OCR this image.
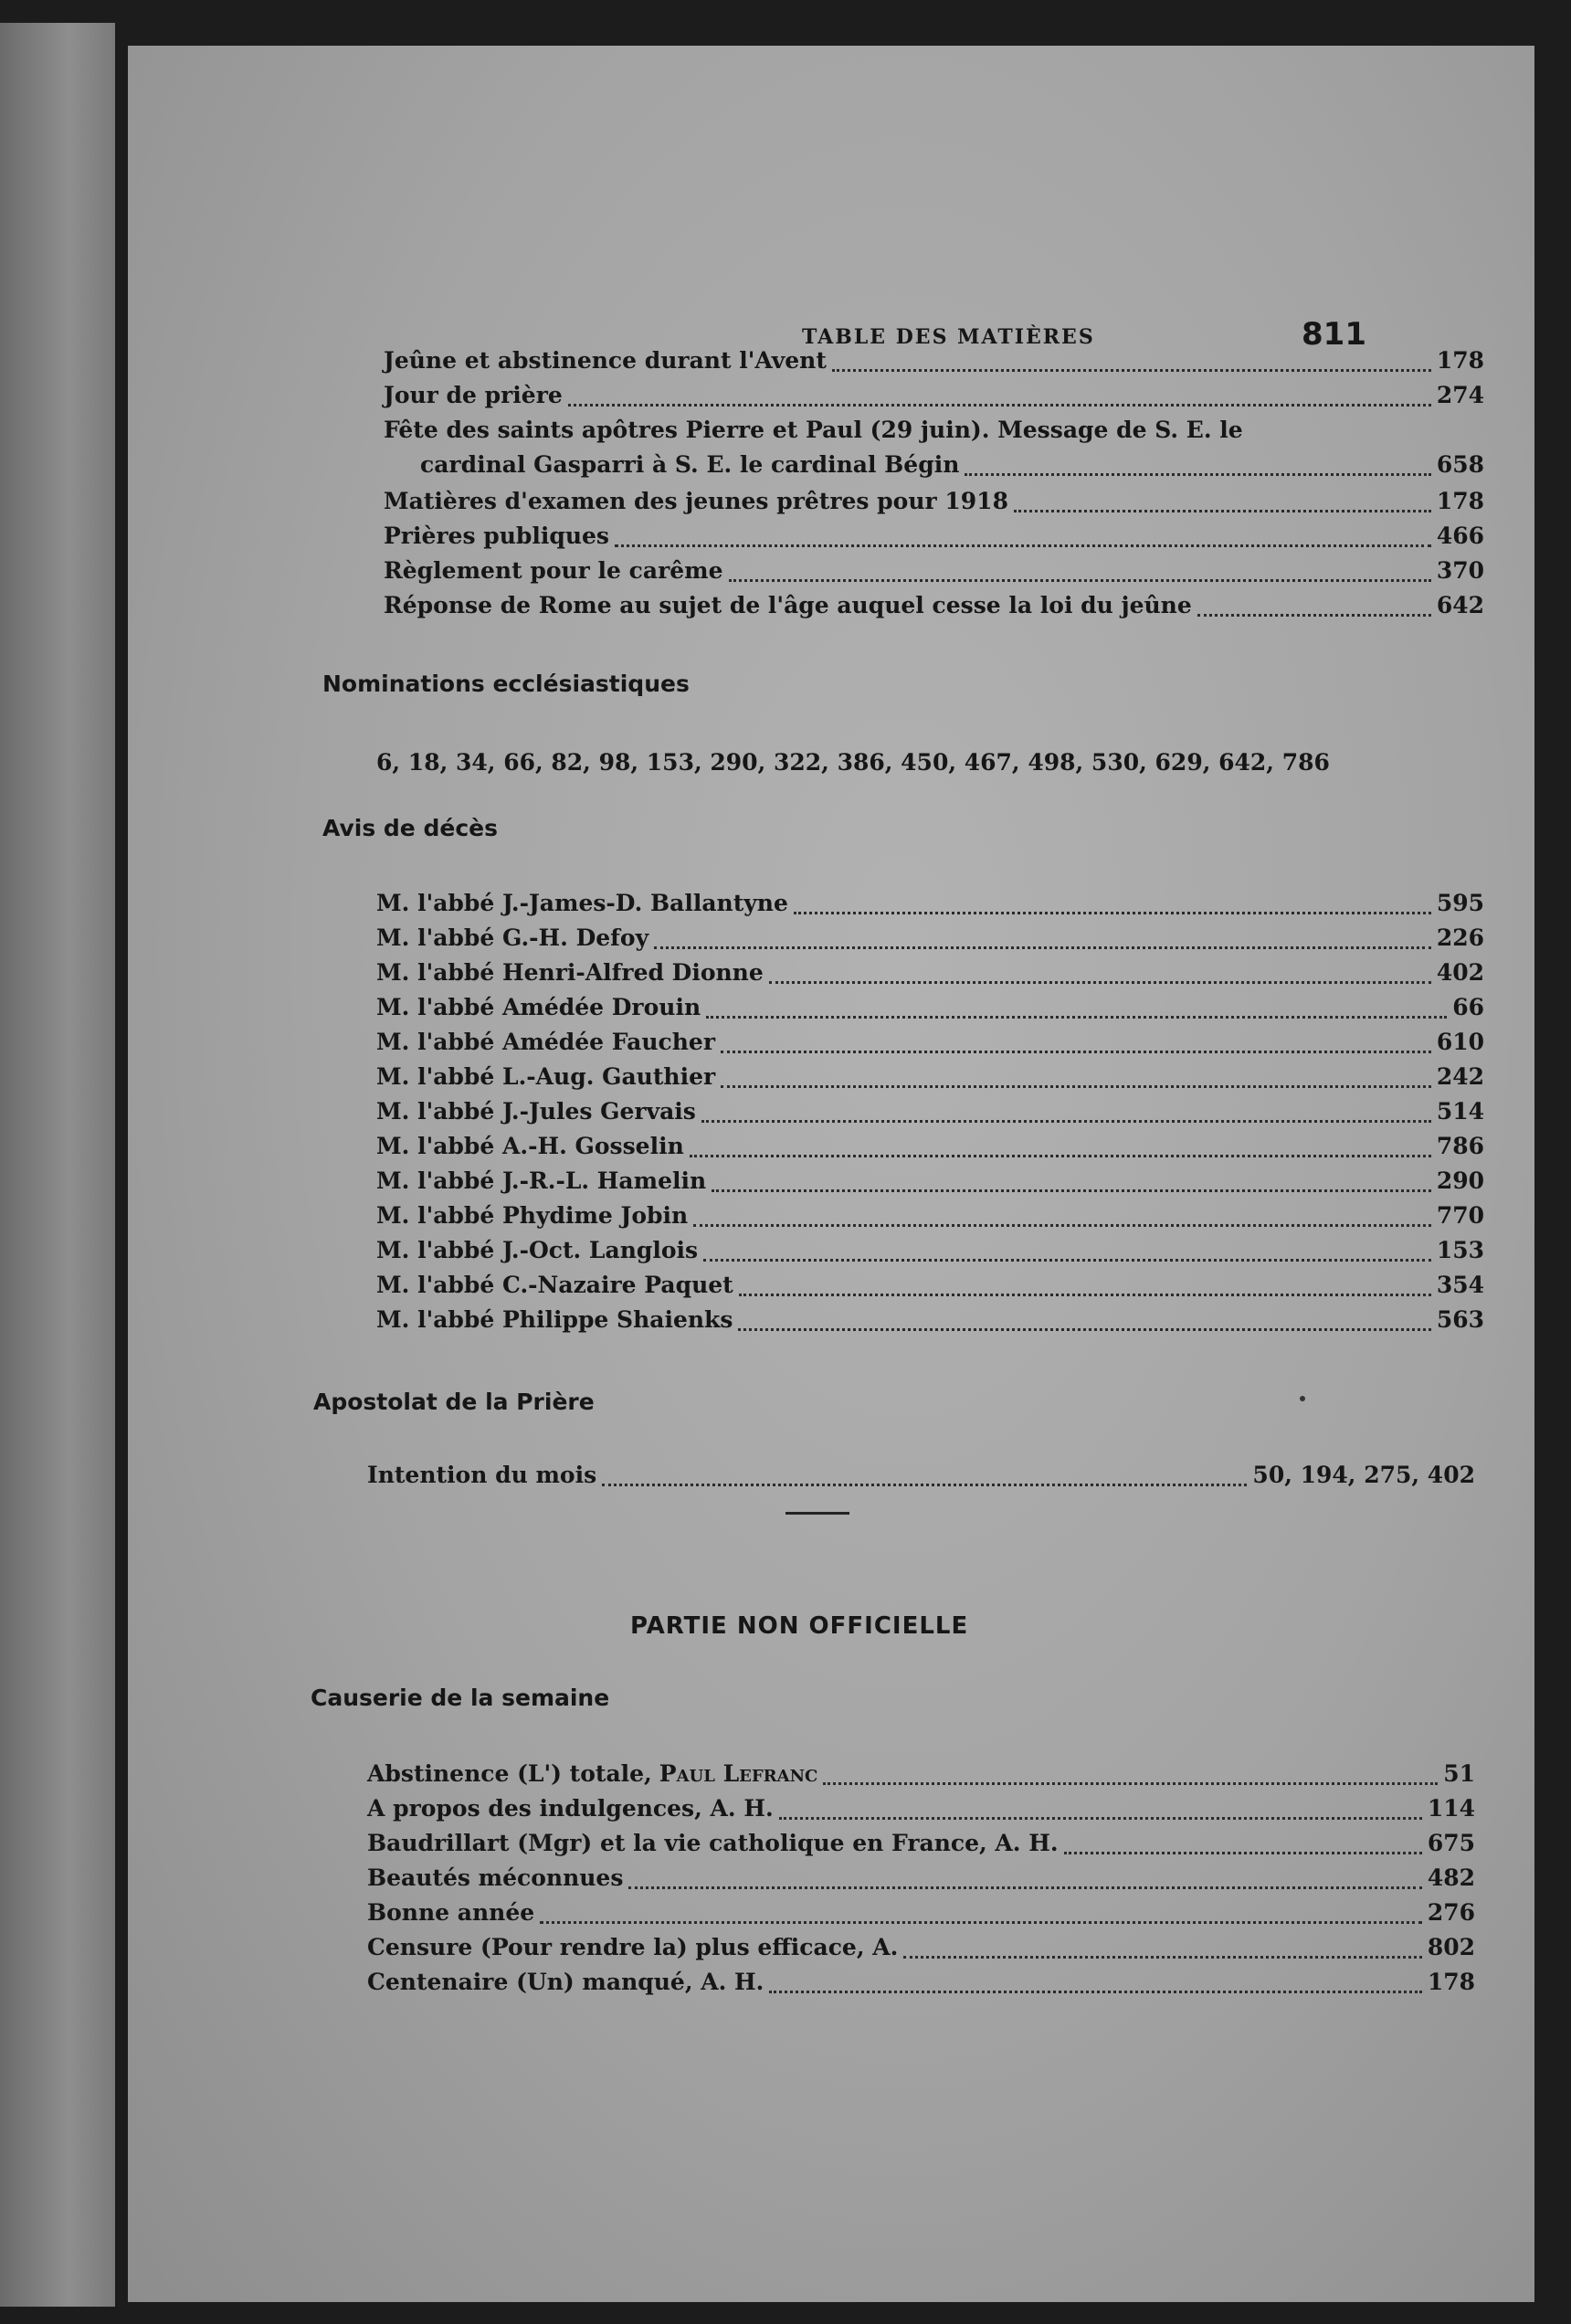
TABLE DES MATIÈRES	811
Jeûne et abstinence durant l'Avent	178
Jour de prière	274
Fête des saints apôtres Pierre et Paul (29 juin). Message de S. E. le
cardinal Gasparri à S. E. le cardinal Bégin	658
Matières d'examen des jeunes prêtres pour 1918	178
Prières publiques	466
Règlement pour le carême	370
Réponse de Rome au sujet de l'âge auquel cesse la loi du jeûne	642
Nominations ecclésiastiques
6, 18, 34, 66, 82, 98, 153, 290, 322, 386, 450, 467, 498, 530, 629, 642, 786
Avis de décès
M. l'abbé J.-James-D. Ballantyne	595
M. l'abbé G.-H. Defoy	226
M. l'abbé Henri-Alfred Dionne	402
M. l'abbé Amédée Drouin	66
M. l'abbé Amédée Faucher	610
M. l'abbé L.-Aug. Gauthier	242
M. l'abbé J.-Jules Gervais	514
M. l'abbé A.-H. Gosselin	786
M. l'abbé J.-R.-L. Hamelin	290
M. l'abbé Phydime Jobin	770
M. l'abbé J.-Oct. Langlois	153
M. l'abbé C.-Nazaire Paquet	354
M. l'abbé Philippe Shaienks	563
Apostolat de la Prière
Intention du mois	50, 194, 275, 402
PARTIE NON OFFICIELLE
Causerie de la semaine
Abstinence (L') totale, Paul Lefranc	51
A propos des indulgences, A. H.	114
Baudrillart (Mgr) et la vie catholique en France, A. H.	675
Beautés méconnues	482
Bonne année	276
Censure (Pour rendre la) plus efficace, A.	802
Centenaire (Un) manqué, A. H.	178
